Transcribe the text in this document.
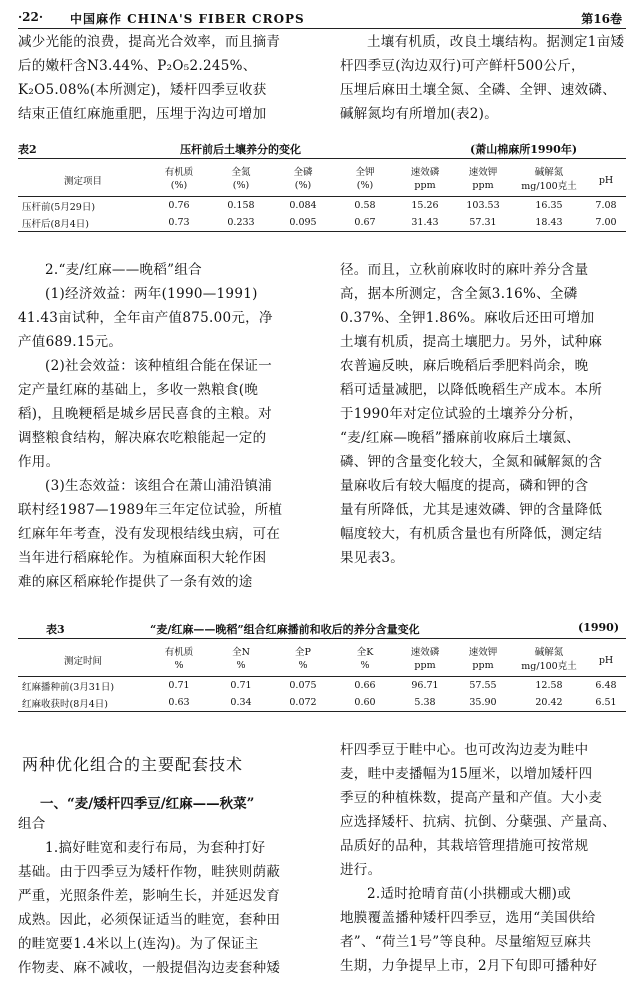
·22· 中国麻作 CHINA'S FIBER CROPS	第16卷

减少光能的浪费，提高光合效率，而且摘青

后的嫩杆含N3.44%、P₂O₅2.245%、

K₂O5.08%(本所测定)，矮杆四季豆收获

结束正值红麻施重肥，压埋于沟边可增加

土壤有机质，改良土壤结构。据测定1亩矮

杆四季豆(沟边双行)可产鲜杆500公斤，

压埋后麻田土壤全氮、全磷、全钾、速效磷、

碱解氮均有所增加(表2)。

表2	压杆前后土壤养分的变化	(萧山棉麻所1990年)
测定项目	有机质	全氮	全磷	全钾	速效磷	速效钾	碱解氮	pH
	(%)	(%)	(%)	(%)	ppm	ppm	mg/100克土	
压杆前(5月29日)	0.76	0.158	0.084	0.58	15.26	103.53	16.35	7.08
压杆后(8月4日)	0.73	0.233	0.095	0.67	31.43	57.31	18.43	7.00

2.“麦/红麻——晚稻”组合

(1)经济效益：两年(1990—1991)

41.43亩试种，全年亩产值875.00元，净

产值689.15元。

(2)社会效益：该种植组合能在保证一

定产量红麻的基础上，多收一熟粮食(晚

稻)，且晚粳稻是城乡居民喜食的主粮。对

调整粮食结构，解决麻农吃粮能起一定的

作用。

(3)生态效益：该组合在萧山浦沿镇浦

联村经1987—1989年三年定位试验，所植

红麻年年考查，没有发现根结线虫病，可在

当年进行稻麻轮作。为植麻面积大轮作困

难的麻区稻麻轮作提供了一条有效的途

径。而且，立秋前麻收时的麻叶养分含量

高，据本所测定，含全氮3.16%、全磷

0.37%、全钾1.86%。麻收后还田可增加

土壤有机质，提高土壤肥力。另外，试种麻

农普遍反映，麻后晚稻后季肥料尚余，晚

稻可适量减肥，以降低晚稻生产成本。本所

于1990年对定位试验的土壤养分分析，

“麦/红麻—晚稻”播麻前收麻后土壤氮、

磷、钾的含量变化较大，全氮和碱解氮的含

量麻收后有较大幅度的提高，磷和钾的含

量有所降低，尤其是速效磷、钾的含量降低

幅度较大，有机质含量也有所降低，测定结

果见表3。

表3	“麦/红麻——晚稻”组合红麻播前和收后的养分含量变化	(1990)
测定时间	有机质	全N	全P	全K	速效磷	速效钾	碱解氮	pH
	%	%	%	%	ppm	ppm	mg/100克土	
红麻播种前(3月31日)	0.71	0.71	0.075	0.66	96.71	57.55	12.58	6.48
红麻收获时(8月4日)	0.63	0.34	0.072	0.60	5.38	35.90	20.42	6.51
两种优化组合的主要配套技术
一、“麦/矮杆四季豆/红麻——秋菜”

组合

1.搞好畦宽和麦行布局，为套种打好

基础。由于四季豆为矮杆作物，畦狭则荫蔽

严重，光照条件差，影响生长，并延迟发育

成熟。因此，必须保证适当的畦宽，套种田

的畦宽要1.4米以上(连沟)。为了保证主

作物麦、麻不减收，一般提倡沟边麦套种矮

杆四季豆于畦中心。也可改沟边麦为畦中

麦，畦中麦播幅为15厘米，以增加矮杆四

季豆的种植株数，提高产量和产值。大小麦

应选择矮杆、抗病、抗倒、分蘖强、产量高、

品质好的品种，其栽培管理措施可按常规

进行。

2.适时抢晴育苗(小拱棚或大棚)或

地膜覆盖播种矮杆四季豆，选用“美国供给

者”、“荷兰1号”等良种。尽量缩短豆麻共

生期，力争提早上市，2月下旬即可播种好
